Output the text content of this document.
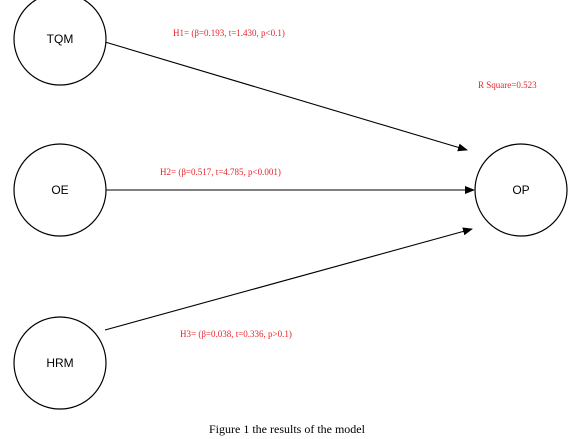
TQM
OE
HRM
OP
H1= (β=0.193, t=1.430, p<0.1)
H2= (β=0.517, t=4.785, p<0.001)
H3= (β=0.038, t=0.336, p>0.1)
R Square=0.523
Figure 1 the results of the model
